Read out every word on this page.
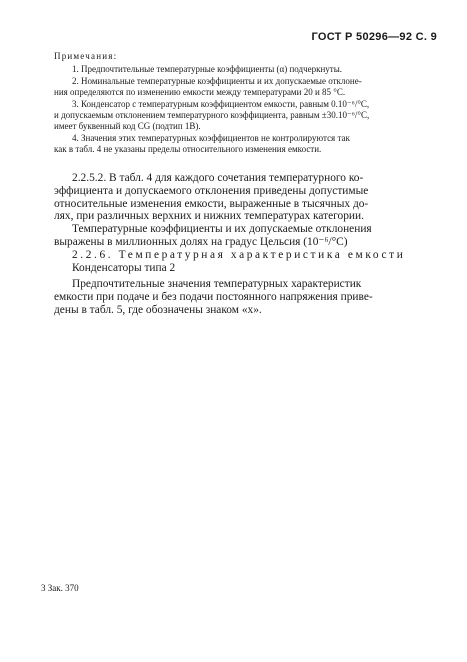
ГОСТ Р 50296—92 С. 9
Примечания:
1. Предпочтительные температурные коэффициенты (α) подчеркнуты.
2. Номинальные температурные коэффициенты и их допускаемые отклоне-
ния определяются по изменению емкости между температурами 20 и 85 °С.
3. Конденсатор с температурным коэффициентом емкости, равным 0.10⁻⁶/°С,
и допускаемым отклонением температурного коэффициента, равным ±30.10⁻⁶/°С,
имеет буквенный код CG (подтип 1В).
4. Значения этих температурных коэффициентов не контролируются так
как в табл. 4 не указаны пределы относительного изменения емкости.
2.2.5.2. В табл. 4 для каждого сочетания температурного ко-
эффициента и допускаемого отклонения приведены допустимые
относительные изменения емкости, выраженные в тысячных до-
лях, при различных верхних и нижних температурах категории.
Температурные коэффициенты и их допускаемые отклонения
выражены в миллионных долях на градус Цельсия (10⁻⁶/°С)
2.2.6. Температурная характеристика емкости
Конденсаторы типа 2
Предпочтительные значения температурных характеристик
емкости при подаче и без подачи постоянного напряжения приве-
дены в табл. 5, где обозначены знаком «х».
3 Зак. 370
